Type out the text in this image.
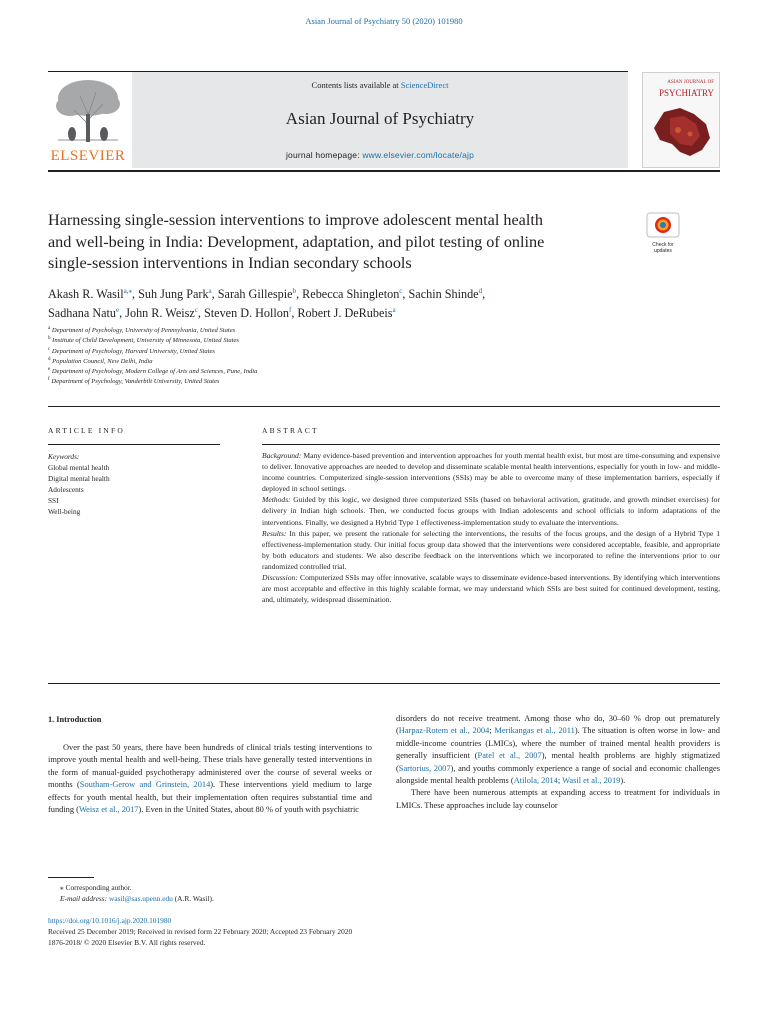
Asian Journal of Psychiatry 50 (2020) 101980
ELSEVIER
Contents lists available at ScienceDirect
Asian Journal of Psychiatry
journal homepage: www.elsevier.com/locate/ajp
ASIAN JOURNAL OF
PSYCHIATRY
Harnessing single-session interventions to improve adolescent mental health
and well-being in India: Development, adaptation, and pilot testing of online
single-session interventions in Indian secondary schools
Check for updates
Akash R. Wasil$^{a,⁎}$, Suh Jung Park$^a$, Sarah Gillespie$^b$, Rebecca Shingleton$^c$, Sachin Shinde$^d$,
Sadhana Natu$^e$, John R. Weisz$^c$, Steven D. Hollon$^f$, Robert J. DeRubeis$^a$
$^a$ Department of Psychology, University of Pennsylvania, United States
$^b$ Institute of Child Development, University of Minnesota, United States
$^c$ Department of Psychology, Harvard University, United States
$^d$ Population Council, New Delhi, India
$^e$ Department of Psychology, Modern College of Arts and Sciences, Pune, India
$^f$ Department of Psychology, Vanderbilt University, United States
ARTICLE INFO
Keywords:
Global mental health
Digital mental health
Adolescents
SSI
Well-being
ABSTRACT

Background: Many evidence-based prevention and intervention approaches for youth mental health exist, but most are time-consuming and expensive to deliver. Innovative approaches are needed to develop and disseminate scalable mental health interventions, especially for youth in low- and middle-income countries. Computerized single-session interventions (SSIs) may be able to overcome many of these implementation barriers, especially if deployed in school settings.

Methods: Guided by this logic, we designed three computerized SSIs (based on behavioral activation, gratitude, and growth mindset exercises) for delivery in Indian high schools. Then, we conducted focus groups with Indian adolescents and school officials to inform adaptations of the interventions. Finally, we designed a Hybrid Type 1 effectiveness-implementation study to evaluate the interventions.

Results: In this paper, we present the rationale for selecting the interventions, the results of the focus groups, and the design of a Hybrid Type 1 effectiveness-implementation study. Our initial focus group data showed that the interventions were considered acceptable, feasible, and appropriate by both educators and students. We also describe feedback on the interventions which we incorporated to refine the interventions prior to our randomized controlled trial.

Discussion: Computerized SSIs may offer innovative, scalable ways to disseminate evidence-based interventions. By identifying which interventions are most acceptable and effective in this highly scalable format, we may understand which SSIs are best suited for continued development, testing, and, ultimately, widespread dissemination.

1. Introduction

Over the past 50 years, there have been hundreds of clinical trials testing interventions to improve youth mental health and well-being. These trials have generally tested interventions in the form of manual-guided psychotherapy administered over the course of several weeks or months (Southam-Gerow and Grinstein, 2014). These interventions yield medium to large effects for youth mental health, but their implementation often requires substantial time and funding (Weisz et al., 2017). Even in the United States, about 80 % of youth with psychiatric

disorders do not receive treatment. Among those who do, 30–60 % drop out prematurely (Harpaz-Rotem et al., 2004; Merikangas et al., 2011). The situation is often worse in low- and middle-income countries (LMICs), where the number of trained mental health providers is generally insufficient (Patel et al., 2007), mental health problems are highly stigmatized (Sartorius, 2007), and youths commonly experience a range of social and economic challenges alongside mental health problems (Atilola, 2014; Wasil et al., 2019).

There have been numerous attempts at expanding access to treatment for individuals in LMICs. These approaches include lay counselor

⁎ Corresponding author.
E-mail address: wasil@sas.upenn.edu (A.R. Wasil).
https://doi.org/10.1016/j.ajp.2020.101980
Received 25 December 2019; Received in revised form 22 February 2020; Accepted 23 February 2020
1876-2018/ © 2020 Elsevier B.V. All rights reserved.
